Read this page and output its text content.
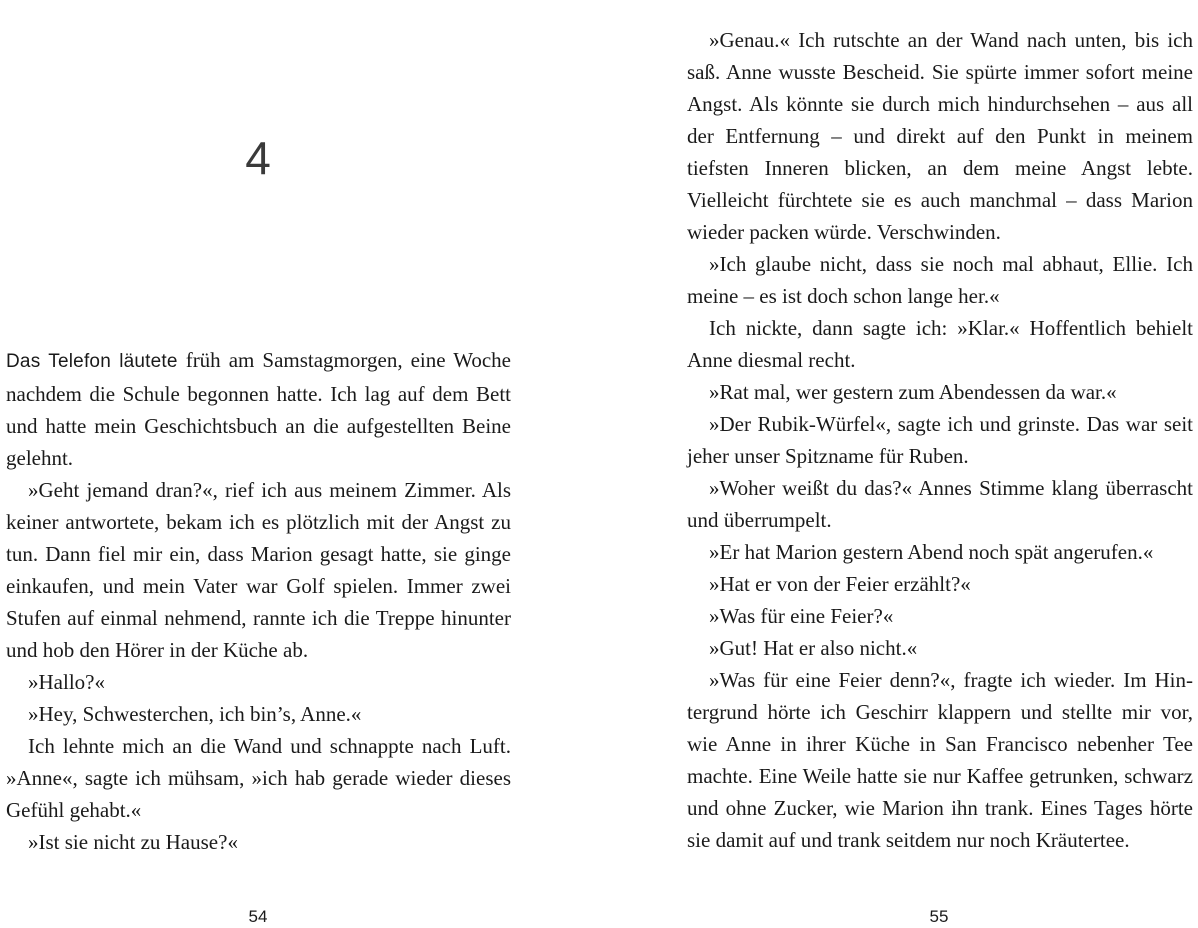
4

Das Telefon läutete früh am Samstagmorgen, eine Woche nachdem die Schule begonnen hatte. Ich lag auf dem Bett und hatte mein Geschichtsbuch an die aufgestellten Beine gelehnt.

»Geht jemand dran?«, rief ich aus meinem Zimmer. Als keiner antwortete, bekam ich es plötzlich mit der Angst zu tun. Dann fiel mir ein, dass Marion gesagt hatte, sie ginge einkaufen, und mein Vater war Golf spielen. Immer zwei Stufen auf einmal nehmend, rannte ich die Treppe hinunter und hob den Hörer in der Küche ab.

»Hallo?«

»Hey, Schwesterchen, ich bin’s, Anne.«

Ich lehnte mich an die Wand und schnappte nach Luft. »Anne«, sagte ich mühsam, »ich hab gerade wieder dieses Gefühl gehabt.«

»Ist sie nicht zu Hause?«

54

»Genau.« Ich rutschte an der Wand nach unten, bis ich saß. Anne wusste Bescheid. Sie spürte immer sofort meine Angst. Als könnte sie durch mich hindurchsehen – aus all der Entfernung – und direkt auf den Punkt in meinem tiefsten Inneren blicken, an dem meine Angst lebte. Vielleicht fürchtete sie es auch manchmal – dass Marion wieder packen würde. Verschwinden.

»Ich glaube nicht, dass sie noch mal abhaut, Ellie. Ich meine – es ist doch schon lange her.«

Ich nickte, dann sagte ich: »Klar.« Hoffentlich behielt Anne diesmal recht.

»Rat mal, wer gestern zum Abendessen da war.«

»Der Rubik-Würfel«, sagte ich und grinste. Das war seit jeher unser Spitzname für Ruben.

»Woher weißt du das?« Annes Stimme klang überrascht und überrumpelt.

»Er hat Marion gestern Abend noch spät angerufen.«

»Hat er von der Feier erzählt?«

»Was für eine Feier?«

»Gut! Hat er also nicht.«

»Was für eine Feier denn?«, fragte ich wieder. Im Hintergrund hörte ich Geschirr klappern und stellte mir vor, wie Anne in ihrer Küche in San Francisco nebenher Tee machte. Eine Weile hatte sie nur Kaffee getrunken, schwarz und ohne Zucker, wie Marion ihn trank. Eines Tages hörte sie damit auf und trank seitdem nur noch Kräutertee.

55
